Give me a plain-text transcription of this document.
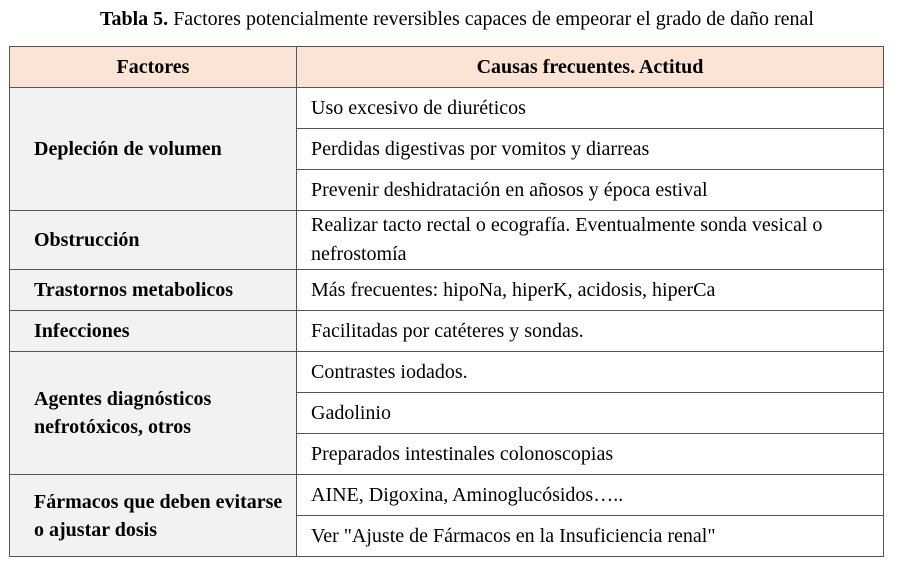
Tabla 5. Factores potencialmente reversibles capaces de empeorar el grado de daño renal
Factores	Causas frecuentes. Actitud
Depleción de volumen	Uso excesivo de diuréticos
	Perdidas digestivas por vomitos y diarreas
	Prevenir deshidratación en añosos y época estival
Obstrucción	Realizar tacto rectal o ecografía. Eventualmente sonda vesical o nefrostomía
Trastornos metabolicos	Más frecuentes: hipoNa, hiperK, acidosis, hiperCa
Infecciones	Facilitadas por catéteres y sondas.
Agentes diagnósticos nefrotóxicos, otros	Contrastes iodados.
	Gadolinio
	Preparados intestinales colonoscopias
Fármacos que deben evitarse o ajustar dosis	AINE, Digoxina, Aminoglucósidos…..
	Ver "Ajuste de Fármacos en la Insuficiencia renal"
